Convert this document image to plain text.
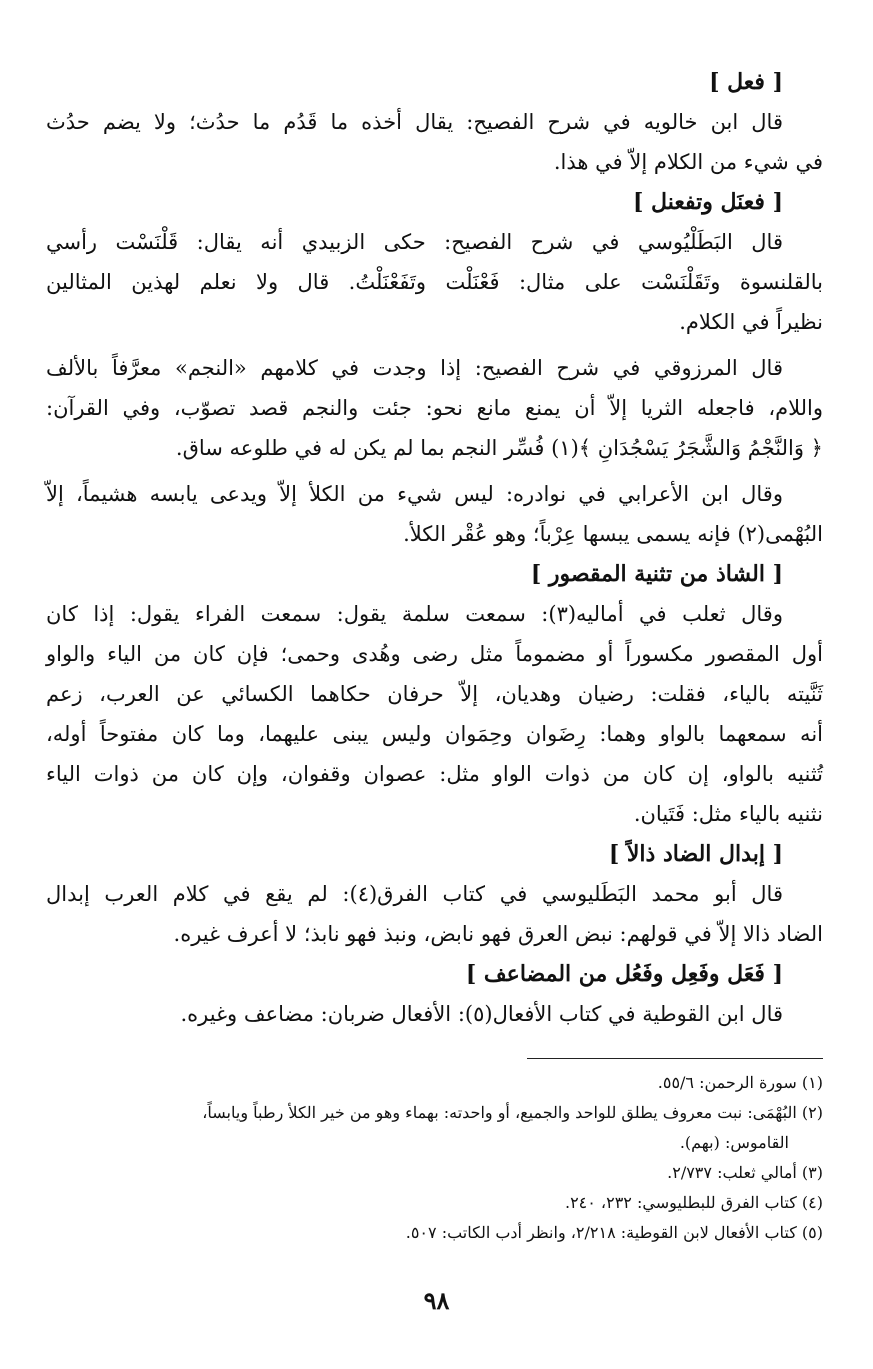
[ فعل ]
قال ابن خالويه في شرح الفصيح: يقال أخذه ما قَدُم ما حدُث؛ ولا يضم حدُث
في شيء من الكلام إلاّ في هذا.
[ فعنَل وتفعنل ]
قال البَطَلْيُوسي في شرح الفصيح: حكى الزبيدي أنه يقال: قَلْنَسْت رأسي
بالقلنسوة وتَقَلْنَسْت على مثال: فَعْنَلْت وتَفَعْنَلْتُ. قال ولا نعلم لهذين المثالين
نظيراً في الكلام.
قال المرزوقي في شرح الفصيح: إذا وجدت في كلامهم «النجم» معرَّفاً بالألف
واللام، فاجعله الثريا إلاّ أن يمنع مانع نحو: جئت والنجم قصد تصوّب، وفي القرآن:
﴿ وَالنَّجْمُ وَالشَّجَرُ يَسْجُدَانِ ﴾(١) فُسِّر النجم بما لم يكن له في طلوعه ساق.
وقال ابن الأعرابي في نوادره: ليس شيء من الكلأ إلاّ ويدعى يابسه هشيماً، إلاّ
البُهْمى(٢) فإنه يسمى يبسها عِرْباً؛ وهو عُقْر الكلأ.
[ الشاذ من تثنية المقصور ]
وقال ثعلب في أماليه(٣): سمعت سلمة يقول: سمعت الفراء يقول: إذا كان
أول المقصور مكسوراً أو مضموماً مثل رضى وهُدى وحمى؛ فإن كان من الياء والواو
ثَنَّيته بالياء، فقلت: رضيان وهديان، إلاّ حرفان حكاهما الكسائي عن العرب، زعم
أنه سمعهما بالواو وهما: رِضَوان وحِمَوان وليس يبنى عليهما، وما كان مفتوحاً أوله،
تُثنيه بالواو، إن كان من ذوات الواو مثل: عصوان وقفوان، وإن كان من ذوات الياء
نثنيه بالياء مثل: فَتَيان.
[ إبدال الضاد ذالاً ]
قال أبو محمد البَطَليوسي في كتاب الفرق(٤): لم يقع في كلام العرب إبدال
الضاد ذالا إلاّ في قولهم: نبض العرق فهو نابض، ونبذ فهو نابذ؛ لا أعرف غيره.
[ فَعَل وفَعِل وفَعُل من المضاعف ]
قال ابن القوطية في كتاب الأفعال(٥): الأفعال ضربان: مضاعف وغيره.
(١) سورة الرحمن: ٥٥/٦.
(٢) البُهْمَى: نبت معروف يطلق للواحد والجميع، أو واحدته: بهماء وهو من خير الكلأ رطباً ويابساً،
القاموس: (بهم).
(٣) أمالي ثعلب: ٢/٧٣٧.
(٤) كتاب الفرق للبطليوسي: ٢٣٢، ٢٤٠.
(٥) كتاب الأفعال لابن القوطية: ٢/٢١٨، وانظر أدب الكاتب: ٥٠٧.
٩٨
